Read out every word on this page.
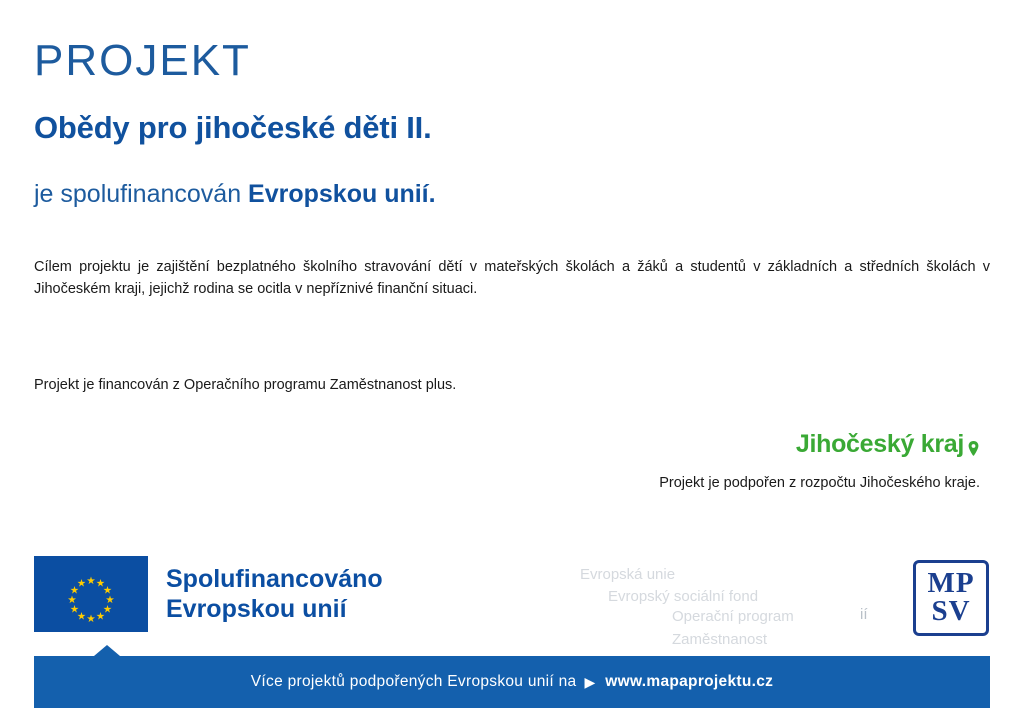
PROJEKT
Obědy pro jihočeské děti II.
je spolufinancován Evropskou unií.
Cílem projektu je zajištění bezplatného školního stravování dětí v mateřských školách a žáků a studentů v základních a středních školách v Jihočeském kraji, jejichž rodina se ocitla v nepříznivé finanční situaci.
Projekt je financován z Operačního programu Zaměstnanost plus.
Jihočeský kraj
Projekt je podpořen z rozpočtu Jihočeského kraje.
Evropská unie
Evropský sociální fond
Operační program Zaměstnanost
ií
Spolufinancováno
Evropskou unií
MP
SV
Více projektů podpořených Evropskou unií na ▶ www.mapaprojektu.cz
